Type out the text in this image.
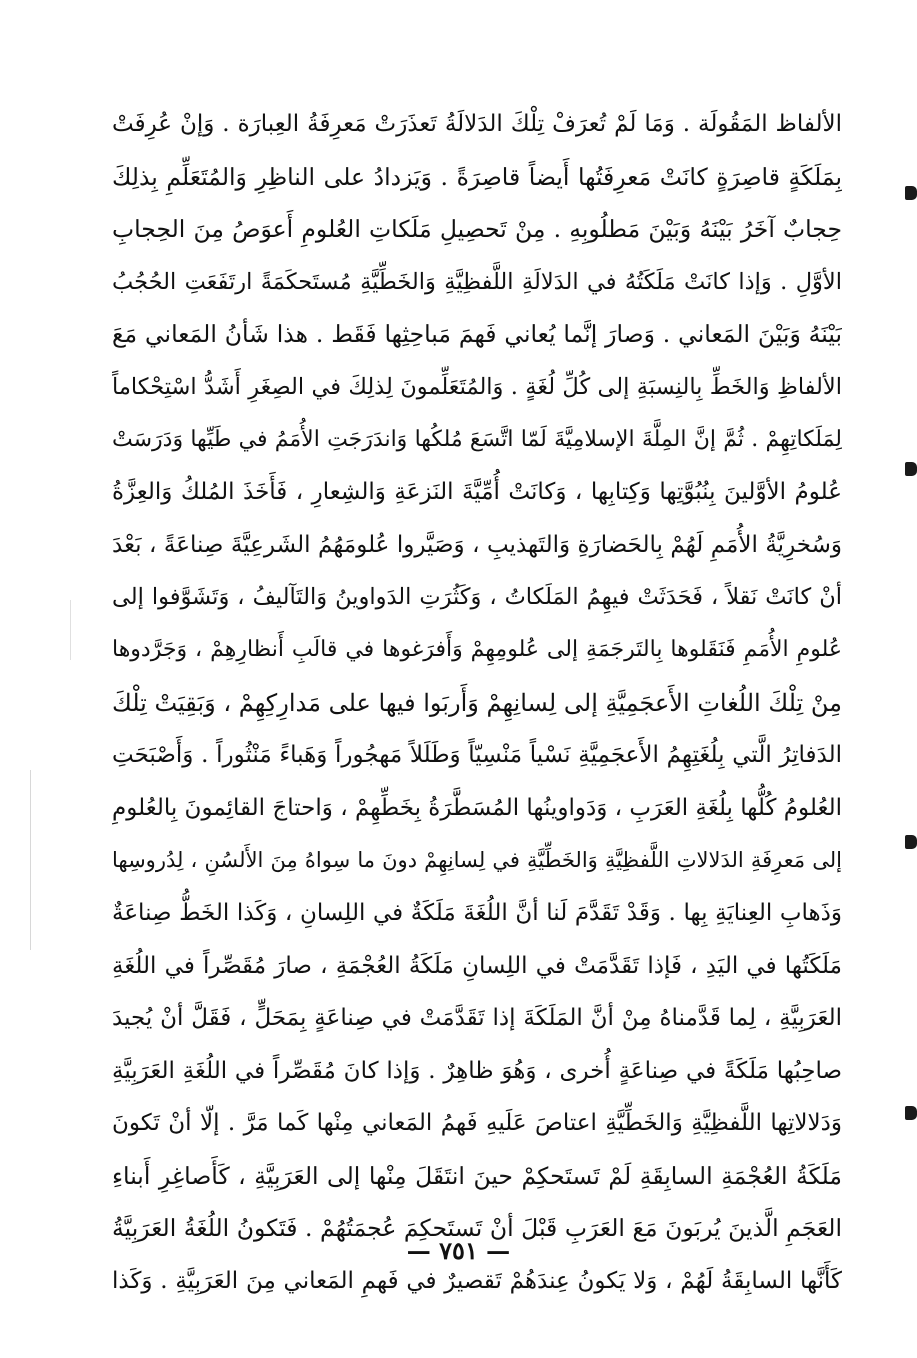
الألفاظ المَقُولَة . وَمَا لَمْ تُعرَفْ تِلْكَ الدَلالَةُ تَعذَرَتْ مَعرِفَةُ العِبارَة . وَإنْ عُرِفَتْ
بِمَلَكَةٍ قاصِرَةٍ كانَتْ مَعرِفَتُها أَيضاً قاصِرَةً . وَيَزدادُ على الناظِرِ وَالمُتَعَلِّمِ بِذلِكَ
حِجابٌ آخَرُ بَيْنَهُ وَبَيْنَ مَطلُوبِهِ . مِنْ تَحصِيلِ مَلَكاتِ العُلومِ أَعوَصُ مِنَ الحِجابِ
الأوَّلِ . وَإذا كانَتْ مَلَكَتُهُ في الدَلالَةِ اللَّفظِيَّةِ وَالخَطِّيَّةِ مُستَحكَمَةً ارتَفَعَتِ الحُجُبُ
بَيْنَهُ وَبَيْنَ المَعاني . وَصارَ إنَّما يُعاني فَهمَ مَباحِثِها فَقَط . هذا شَأنُ المَعاني مَعَ
الألفاظِ وَالخَطِّ بِالنِسبَةِ إلى كُلِّ لُغَةٍ . وَالمُتَعَلِّمونَ لِذلِكَ في الصِغَرِ أَشَدُّ اسْتِحْكاماً
لِمَلَكاتِهِمْ . ثُمَّ إنَّ المِلَّةَ الإسلامِيَّةَ لَمّا اتَّسَعَ مُلكُها وَاندَرَجَتِ الأُمَمُ في طَيِّها وَدَرَسَتْ
عُلومُ الأوَّلينَ بِنُبُوَّتِها وَكِتابِها ، وَكانَتْ أُمِّيَّةَ النَزعَةِ وَالشِعارِ ، فَأَخَذَ المُلكُ وَالعِزَّةُ
وَسُخرِيَّةُ الأُمَمِ لَهُمْ بِالحَضارَةِ وَالتَهذيبِ ، وَصَيَّروا عُلومَهُمُ الشَرعِيَّةَ صِناعَةً ، بَعْدَ
أنْ كانَتْ نَقلاً ، فَحَدَثَتْ فيهِمُ المَلَكاتُ ، وَكَثُرَتِ الدَواوينُ وَالتَآليفُ ، وَتَشَوَّفوا إلى
عُلومِ الأُمَمِ فَنَقَلوها بِالتَرجَمَةِ إلى عُلومِهِمْ وَأَفرَغوها في قالَبِ أَنظارِهِمْ ، وَجَرَّدوها
مِنْ تِلْكَ اللُغاتِ الأَعجَمِيَّةِ إلى لِسانِهِمْ وَأَربَوا فيها على مَدارِكِهِمْ ، وَبَقِيَتْ تِلْكَ
الدَفاتِرُ الَّتي بِلُغَتِهِمُ الأَعجَمِيَّةِ نَسْياً مَنْسِيّاً وَطَلَلاً مَهجُوراً وَهَباءً مَنْثُوراً . وَأَصْبَحَتِ
العُلومُ كُلُّها بِلُغَةِ العَرَبِ ، وَدَواوينُها المُسَطَّرَةُ بِخَطِّهِمْ ، وَاحتاجَ القائِمونَ بِالعُلومِ
إلى مَعرِفَةِ الدَلالاتِ اللَّفظِيَّةِ وَالخَطِّيَّةِ في لِسانِهِمْ دونَ ما سِواهُ مِنَ الأَلسُنِ ، لِدُروسِها
وَذَهابِ العِنايَةِ بِها . وَقَدْ تَقَدَّمَ لَنا أنَّ اللُغَةَ مَلَكَةٌ في اللِسانِ ، وَكَذا الخَطُّ صِناعَةٌ
مَلَكَتُها في اليَدِ ، فَإذا تَقَدَّمَتْ في اللِسانِ مَلَكَةُ العُجْمَةِ ، صارَ مُقَصِّراً في اللُغَةِ
العَرَبِيَّةِ ، لِما قَدَّمناهُ مِنْ أنَّ المَلَكَةَ إذا تَقَدَّمَتْ في صِناعَةٍ بِمَحَلٍّ ، فَقَلَّ أنْ يُجيدَ
صاحِبُها مَلَكَةً في صِناعَةٍ أُخرى ، وَهُوَ ظاهِرٌ . وَإذا كانَ مُقَصِّراً في اللُغَةِ العَرَبِيَّةِ
وَدَلالاتِها اللَّفظِيَّةِ وَالخَطِّيَّةِ اعتاصَ عَلَيهِ فَهمُ المَعاني مِنْها كَما مَرَّ . إلّا أنْ تَكونَ
مَلَكَةُ العُجْمَةِ السابِقَةِ لَمْ تَستَحكِمْ حينَ انتَقَلَ مِنْها إلى العَرَبِيَّةِ ، كَأَصاغِرِ أَبناءِ
العَجَمِ الَّذينَ يُربَونَ مَعَ العَرَبِ قَبْلَ أنْ تَستَحكِمَ عُجمَتُهُمْ . فَتَكونُ اللُغَةُ العَرَبِيَّةُ
كَأَنَّها السابِقَةُ لَهُمْ ، وَلا يَكونُ عِندَهُمْ تَقصيرٌ في فَهمِ المَعاني مِنَ العَرَبِيَّةِ . وَكَذا
— ٧٥١ —
